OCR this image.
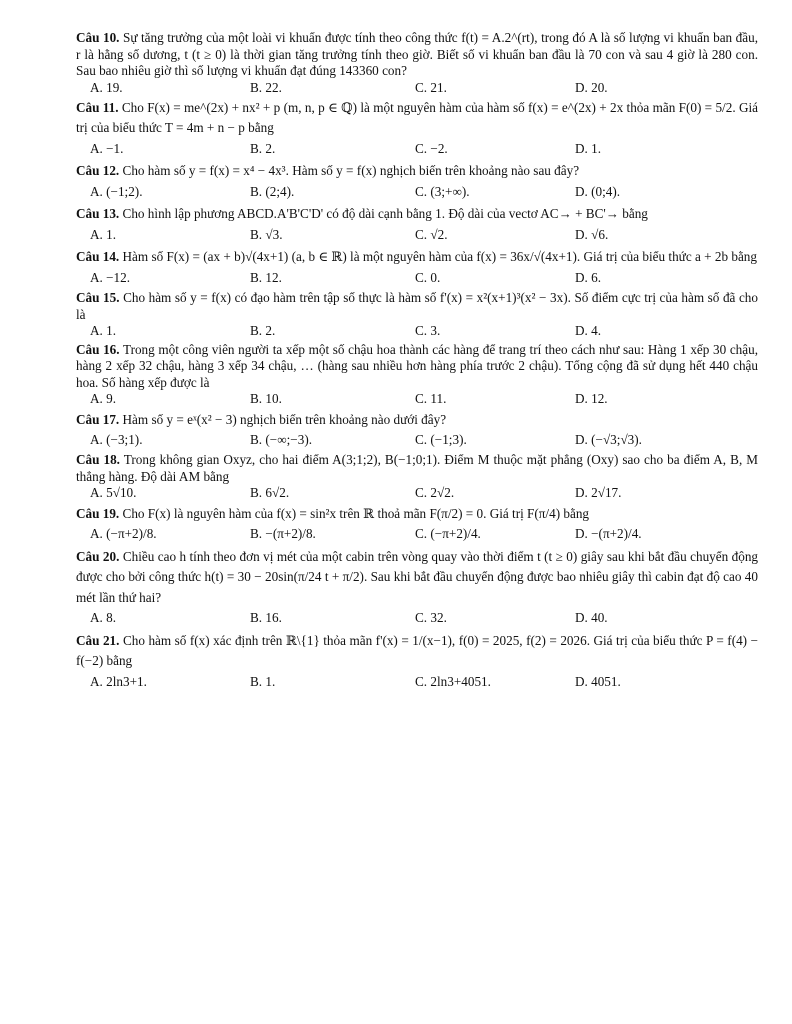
Câu 10. Sự tăng trưởng của một loài vi khuẩn được tính theo công thức f(t) = A.2^(rt), trong đó A là số lượng vi khuẩn ban đầu, r là hằng số dương, t (t ≥ 0) là thời gian tăng trưởng tính theo giờ. Biết số vi khuẩn ban đầu là 70 con và sau 4 giờ là 280 con. Sau bao nhiêu giờ thì số lượng vi khuẩn đạt đúng 143360 con?
A. 19.	B. 22.	C. 21.	D. 20.
Câu 11. Cho F(x) = me^(2x) + nx² + p (m, n, p ∈ ℚ) là một nguyên hàm của hàm số f(x) = e^(2x) + 2x thỏa mãn F(0) = 5/2. Giá trị của biểu thức T = 4m + n − p bằng
A. −1.	B. 2.	C. −2.	D. 1.
Câu 12. Cho hàm số y = f(x) = x⁴ − 4x³. Hàm số y = f(x) nghịch biến trên khoảng nào sau đây?
A. (−1;2).	B. (2;4).	C. (3;+∞).	D. (0;4).
Câu 13. Cho hình lập phương ABCD.A'B'C'D' có độ dài cạnh bằng 1. Độ dài của vectơ AC→ + BC'→ bằng
A. 1.	B. √3.	C. √2.	D. √6.
Câu 14. Hàm số F(x) = (ax + b)√(4x+1) (a, b ∈ ℝ) là một nguyên hàm của f(x) = 36x/√(4x+1). Giá trị của biểu thức a + 2b bằng
A. −12.	B. 12.	C. 0.	D. 6.
Câu 15. Cho hàm số y = f(x) có đạo hàm trên tập số thực là hàm số f'(x) = x²(x+1)³(x² − 3x). Số điểm cực trị của hàm số đã cho là
A. 1.	B. 2.	C. 3.	D. 4.
Câu 16. Trong một công viên người ta xếp một số chậu hoa thành các hàng để trang trí theo cách như sau: Hàng 1 xếp 30 chậu, hàng 2 xếp 32 chậu, hàng 3 xếp 34 chậu, … (hàng sau nhiều hơn hàng phía trước 2 chậu). Tổng cộng đã sử dụng hết 440 chậu hoa. Số hàng xếp được là
A. 9.	B. 10.	C. 11.	D. 12.
Câu 17. Hàm số y = eˣ(x² − 3) nghịch biến trên khoảng nào dưới đây?
A. (−3;1).	B. (−∞;−3).	C. (−1;3).	D. (−√3;√3).
Câu 18. Trong không gian Oxyz, cho hai điểm A(3;1;2), B(−1;0;1). Điểm M thuộc mặt phẳng (Oxy) sao cho ba điểm A, B, M thẳng hàng. Độ dài AM bằng
A. 5√10.	B. 6√2.	C. 2√2.	D. 2√17.
Câu 19. Cho F(x) là nguyên hàm của f(x) = sin²x trên ℝ thoả mãn F(π/2) = 0. Giá trị F(π/4) bằng
A. (−π+2)/8.	B. −(π+2)/8.	C. (−π+2)/4.	D. −(π+2)/4.
Câu 20. Chiều cao h tính theo đơn vị mét của một cabin trên vòng quay vào thời điểm t (t ≥ 0) giây sau khi bắt đầu chuyển động được cho bởi công thức h(t) = 30 − 20sin(π/24 t + π/2). Sau khi bắt đầu chuyển động được bao nhiêu giây thì cabin đạt độ cao 40 mét lần thứ hai?
A. 8.	B. 16.	C. 32.	D. 40.
Câu 21. Cho hàm số f(x) xác định trên ℝ\{1} thỏa mãn f'(x) = 1/(x−1), f(0) = 2025, f(2) = 2026. Giá trị của biểu thức P = f(4) − f(−2) bằng
A. 2ln3+1.	B. 1.	C. 2ln3+4051.	D. 4051.
